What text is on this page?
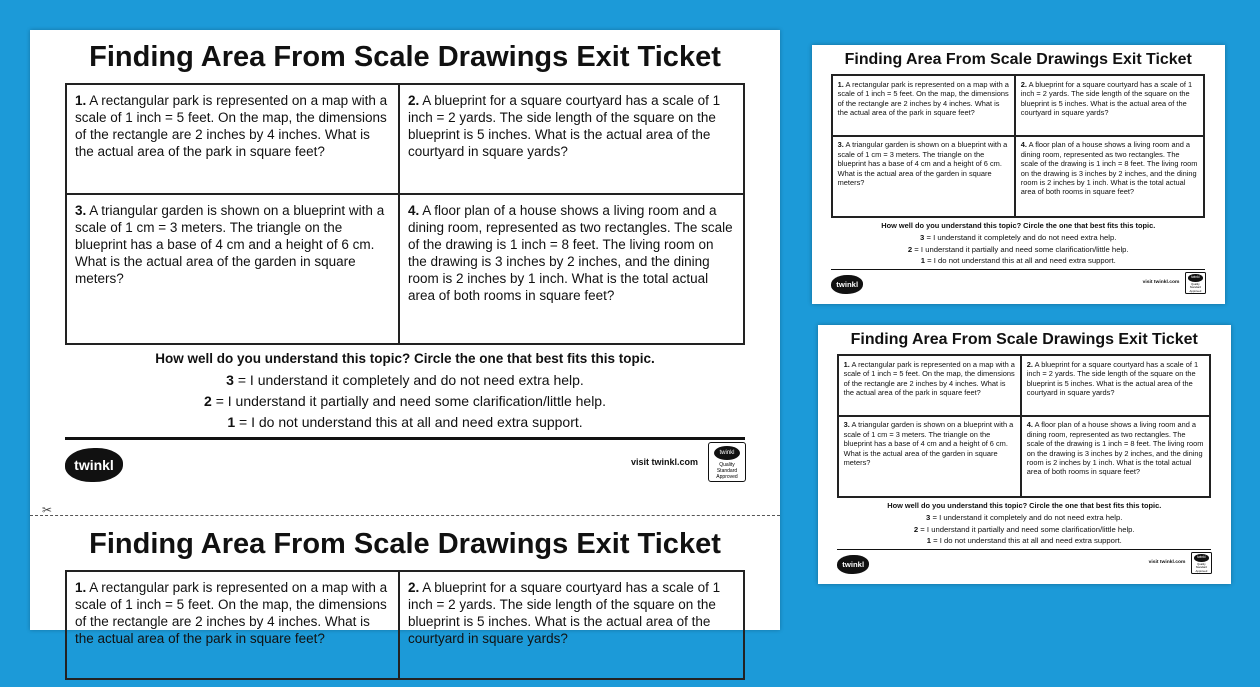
Finding Area From Scale Drawings Exit Ticket
1. A rectangular park is represented on a map with a scale of 1 inch = 5 feet. On the map, the dimensions of the rectangle are 2 inches by 4 inches. What is the actual area of the park in square feet?
2. A blueprint for a square courtyard has a scale of 1 inch = 2 yards. The side length of the square on the blueprint is 5 inches. What is the actual area of the courtyard in square yards?
3. A triangular garden is shown on a blueprint with a scale of 1 cm = 3 meters. The triangle on the blueprint has a base of 4 cm and a height of 6 cm. What is the actual area of the garden in square meters?
4. A floor plan of a house shows a living room and a dining room, represented as two rectangles. The scale of the drawing is 1 inch = 8 feet. The living room on the drawing is 3 inches by 2 inches, and the dining room is 2 inches by 1 inch. What is the total actual area of both rooms in square feet?
How well do you understand this topic? Circle the one that best fits this topic.
3 = I understand it completely and do not need extra help.
2 = I understand it partially and need some clarification/little help.
1 = I do not understand this at all and need extra support.
twinkl	visit twinkl.com
twinkl
Quality Standard Approved
✂
Finding Area From Scale Drawings Exit Ticket
1. A rectangular park is represented on a map with a scale of 1 inch = 5 feet. On the map, the dimensions of the rectangle are 2 inches by 4 inches. What is the actual area of the park in square feet?
2. A blueprint for a square courtyard has a scale of 1 inch = 2 yards. The side length of the square on the blueprint is 5 inches. What is the actual area of the courtyard in square yards?
Finding Area From Scale Drawings Exit Ticket
1. A rectangular park is represented on a map with a scale of 1 inch = 5 feet. On the map, the dimensions of the rectangle are 2 inches by 4 inches. What is the actual area of the park in square feet?
2. A blueprint for a square courtyard has a scale of 1 inch = 2 yards. The side length of the square on the blueprint is 5 inches. What is the actual area of the courtyard in square yards?
3. A triangular garden is shown on a blueprint with a scale of 1 cm = 3 meters. The triangle on the blueprint has a base of 4 cm and a height of 6 cm. What is the actual area of the garden in square meters?
4. A floor plan of a house shows a living room and a dining room, represented as two rectangles. The scale of the drawing is 1 inch = 8 feet. The living room on the drawing is 3 inches by 2 inches, and the dining room is 2 inches by 1 inch. What is the total actual area of both rooms in square feet?
How well do you understand this topic? Circle the one that best fits this topic.
3 = I understand it completely and do not need extra help.
2 = I understand it partially and need some clarification/little help.
1 = I do not understand this at all and need extra support.
twinkl	visit twinkl.com
twinkl
Quality Standard Approved
Finding Area From Scale Drawings Exit Ticket
1. A rectangular park is represented on a map with a scale of 1 inch = 5 feet. On the map, the dimensions of the rectangle are 2 inches by 4 inches. What is the actual area of the park in square feet?
2. A blueprint for a square courtyard has a scale of 1 inch = 2 yards. The side length of the square on the blueprint is 5 inches. What is the actual area of the courtyard in square yards?
3. A triangular garden is shown on a blueprint with a scale of 1 cm = 3 meters. The triangle on the blueprint has a base of 4 cm and a height of 6 cm. What is the actual area of the garden in square meters?
4. A floor plan of a house shows a living room and a dining room, represented as two rectangles. The scale of the drawing is 1 inch = 8 feet. The living room on the drawing is 3 inches by 2 inches, and the dining room is 2 inches by 1 inch. What is the total actual area of both rooms in square feet?
How well do you understand this topic? Circle the one that best fits this topic.
3 = I understand it completely and do not need extra help.
2 = I understand it partially and need some clarification/little help.
1 = I do not understand this at all and need extra support.
twinkl	visit twinkl.com
twinkl
Quality Standard Approved
